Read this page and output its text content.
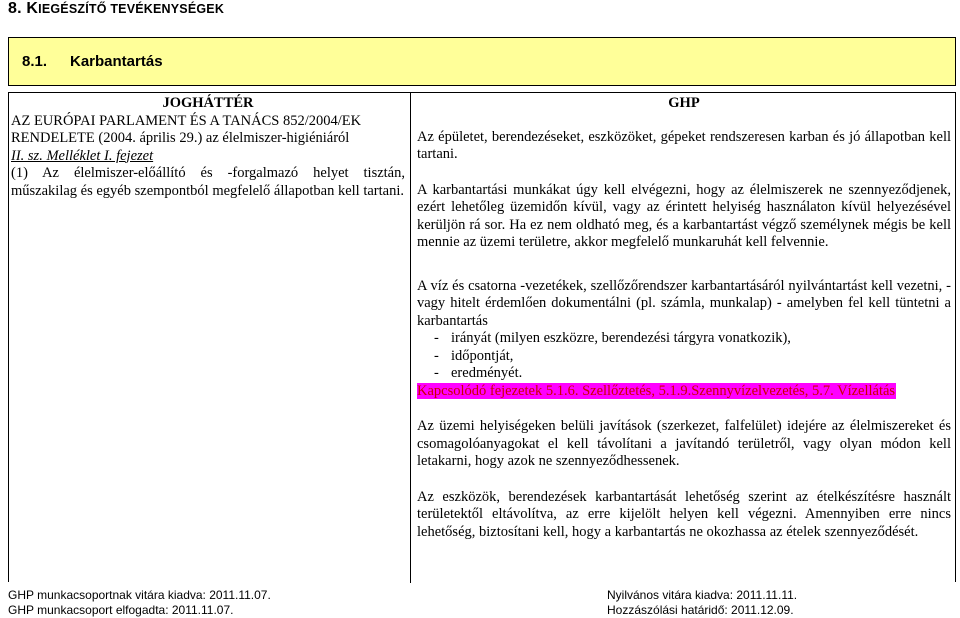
8. KIEGÉSZÍTŐ TEVÉKENYSÉGEK
8.1. Karbantartás
JOGHÁTTÉR
AZ EURÓPAI PARLAMENT ÉS A TANÁCS 852/2004/EK
RENDELETE (2004. április 29.) az élelmiszer-higiéniáról
II. sz. Melléklet I. fejezet
(1) Az élelmiszer-előállító és -forgalmazó helyet tisztán, műszakilag és egyéb szempontból megfelelő állapotban kell tartani.
GHP
Az épületet, berendezéseket, eszközöket, gépeket rendszeresen karban és jó állapotban kell tartani.
A karbantartási munkákat úgy kell elvégezni, hogy az élelmiszerek ne szennyeződjenek, ezért lehetőleg üzemidőn kívül, vagy az érintett helyiség használaton kívül helyezésével kerüljön rá sor. Ha ez nem oldható meg, és a karbantartást végző személynek mégis be kell mennie az üzemi területre, akkor megfelelő munkaruhát kell felvennie.
A víz és csatorna -vezetékek, szellőzőrendszer karbantartásáról nyilvántartást kell vezetni, - vagy hitelt érdemlően dokumentálni (pl. számla, munkalap) - amelyben fel kell tüntetni a karbantartás
- irányát (milyen eszközre, berendezési tárgyra vonatkozik),
- időpontját,
- eredményét.
Kapcsolódó fejezetek 5.1.6. Szellőztetés, 5.1.9.Szennyvízelvezetés, 5.7. Vízellátás
Az üzemi helyiségeken belüli javítások (szerkezet, falfelület) idejére az élelmiszereket és csomagolóanyagokat el kell távolítani a javítandó területről, vagy olyan módon kell letakarni, hogy azok ne szennyeződhessenek.
Az eszközök, berendezések karbantartását lehetőség szerint az ételkészítésre használt területektől eltávolítva, az erre kijelölt helyen kell végezni. Amennyiben erre nincs lehetőség, biztosítani kell, hogy a karbantartás ne okozhassa az ételek szennyeződését.
GHP munkacsoportnak vitára kiadva: 2011.11.07.
GHP munkacsoport elfogadta: 2011.11.07.
Nyilvános vitára kiadva: 2011.11.11.
Hozzászólási határidő: 2011.12.09.
